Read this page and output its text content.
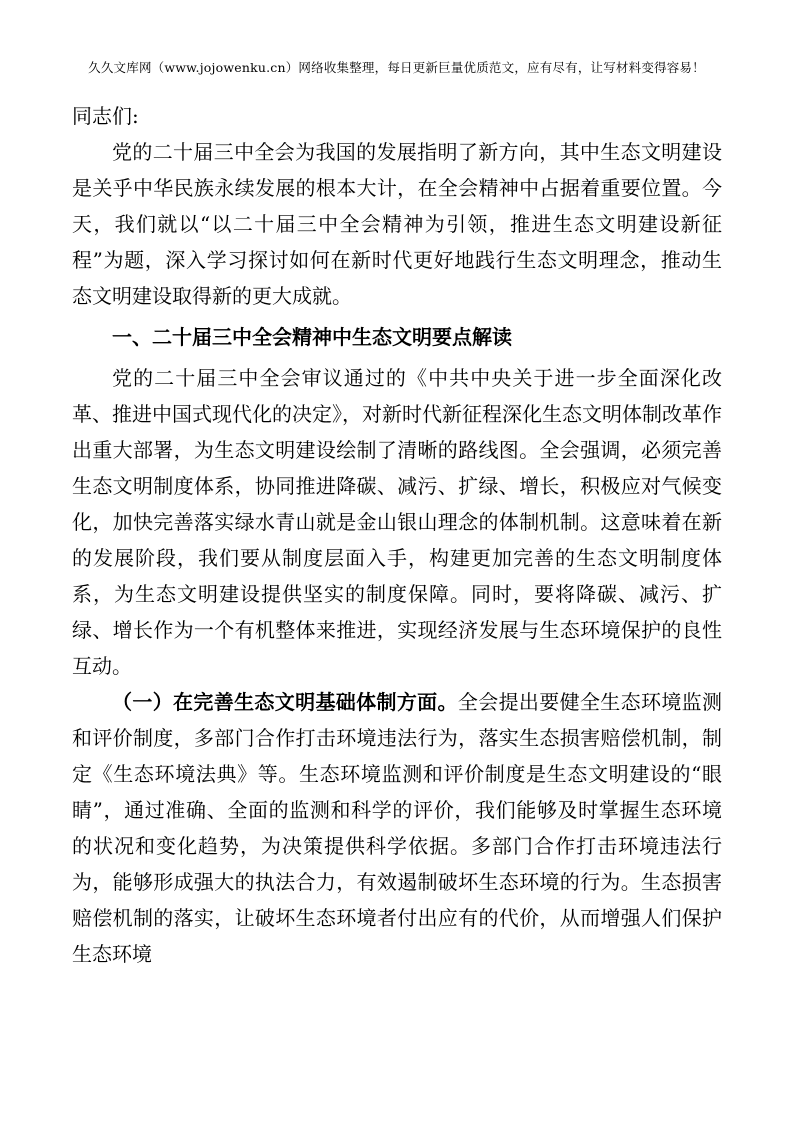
久久文库网（www.jojowenku.cn）网络收集整理，每日更新巨量优质范文，应有尽有，让写材料变得容易！

同志们:

党的二十届三中全会为我国的发展指明了新方向，其中生态文明建设是关乎中华民族永续发展的根本大计，在全会精神中占据着重要位置。今天，我们就以“以二十届三中全会精神为引领，推进生态文明建设新征程”为题，深入学习探讨如何在新时代更好地践行生态文明理念，推动生态文明建设取得新的更大成就。

一、二十届三中全会精神中生态文明要点解读

党的二十届三中全会审议通过的《中共中央关于进一步全面深化改革、推进中国式现代化的决定》，对新时代新征程深化生态文明体制改革作出重大部署，为生态文明建设绘制了清晰的路线图。全会强调，必须完善生态文明制度体系，协同推进降碳、减污、扩绿、增长，积极应对气候变化，加快完善落实绿水青山就是金山银山理念的体制机制。这意味着在新的发展阶段，我们要从制度层面入手，构建更加完善的生态文明制度体系，为生态文明建设提供坚实的制度保障。同时，要将降碳、减污、扩绿、增长作为一个有机整体来推进，实现经济发展与生态环境保护的良性互动。

（一）在完善生态文明基础体制方面。全会提出要健全生态环境监测和评价制度，多部门合作打击环境违法行为，落实生态损害赔偿机制，制定《生态环境法典》等。生态环境监测和评价制度是生态文明建设的“眼睛”，通过准确、全面的监测和科学的评价，我们能够及时掌握生态环境的状况和变化趋势，为决策提供科学依据。多部门合作打击环境违法行为，能够形成强大的执法合力，有效遏制破坏生态环境的行为。生态损害赔偿机制的落实，让破坏生态环境者付出应有的代价，从而增强人们保护生态环境
